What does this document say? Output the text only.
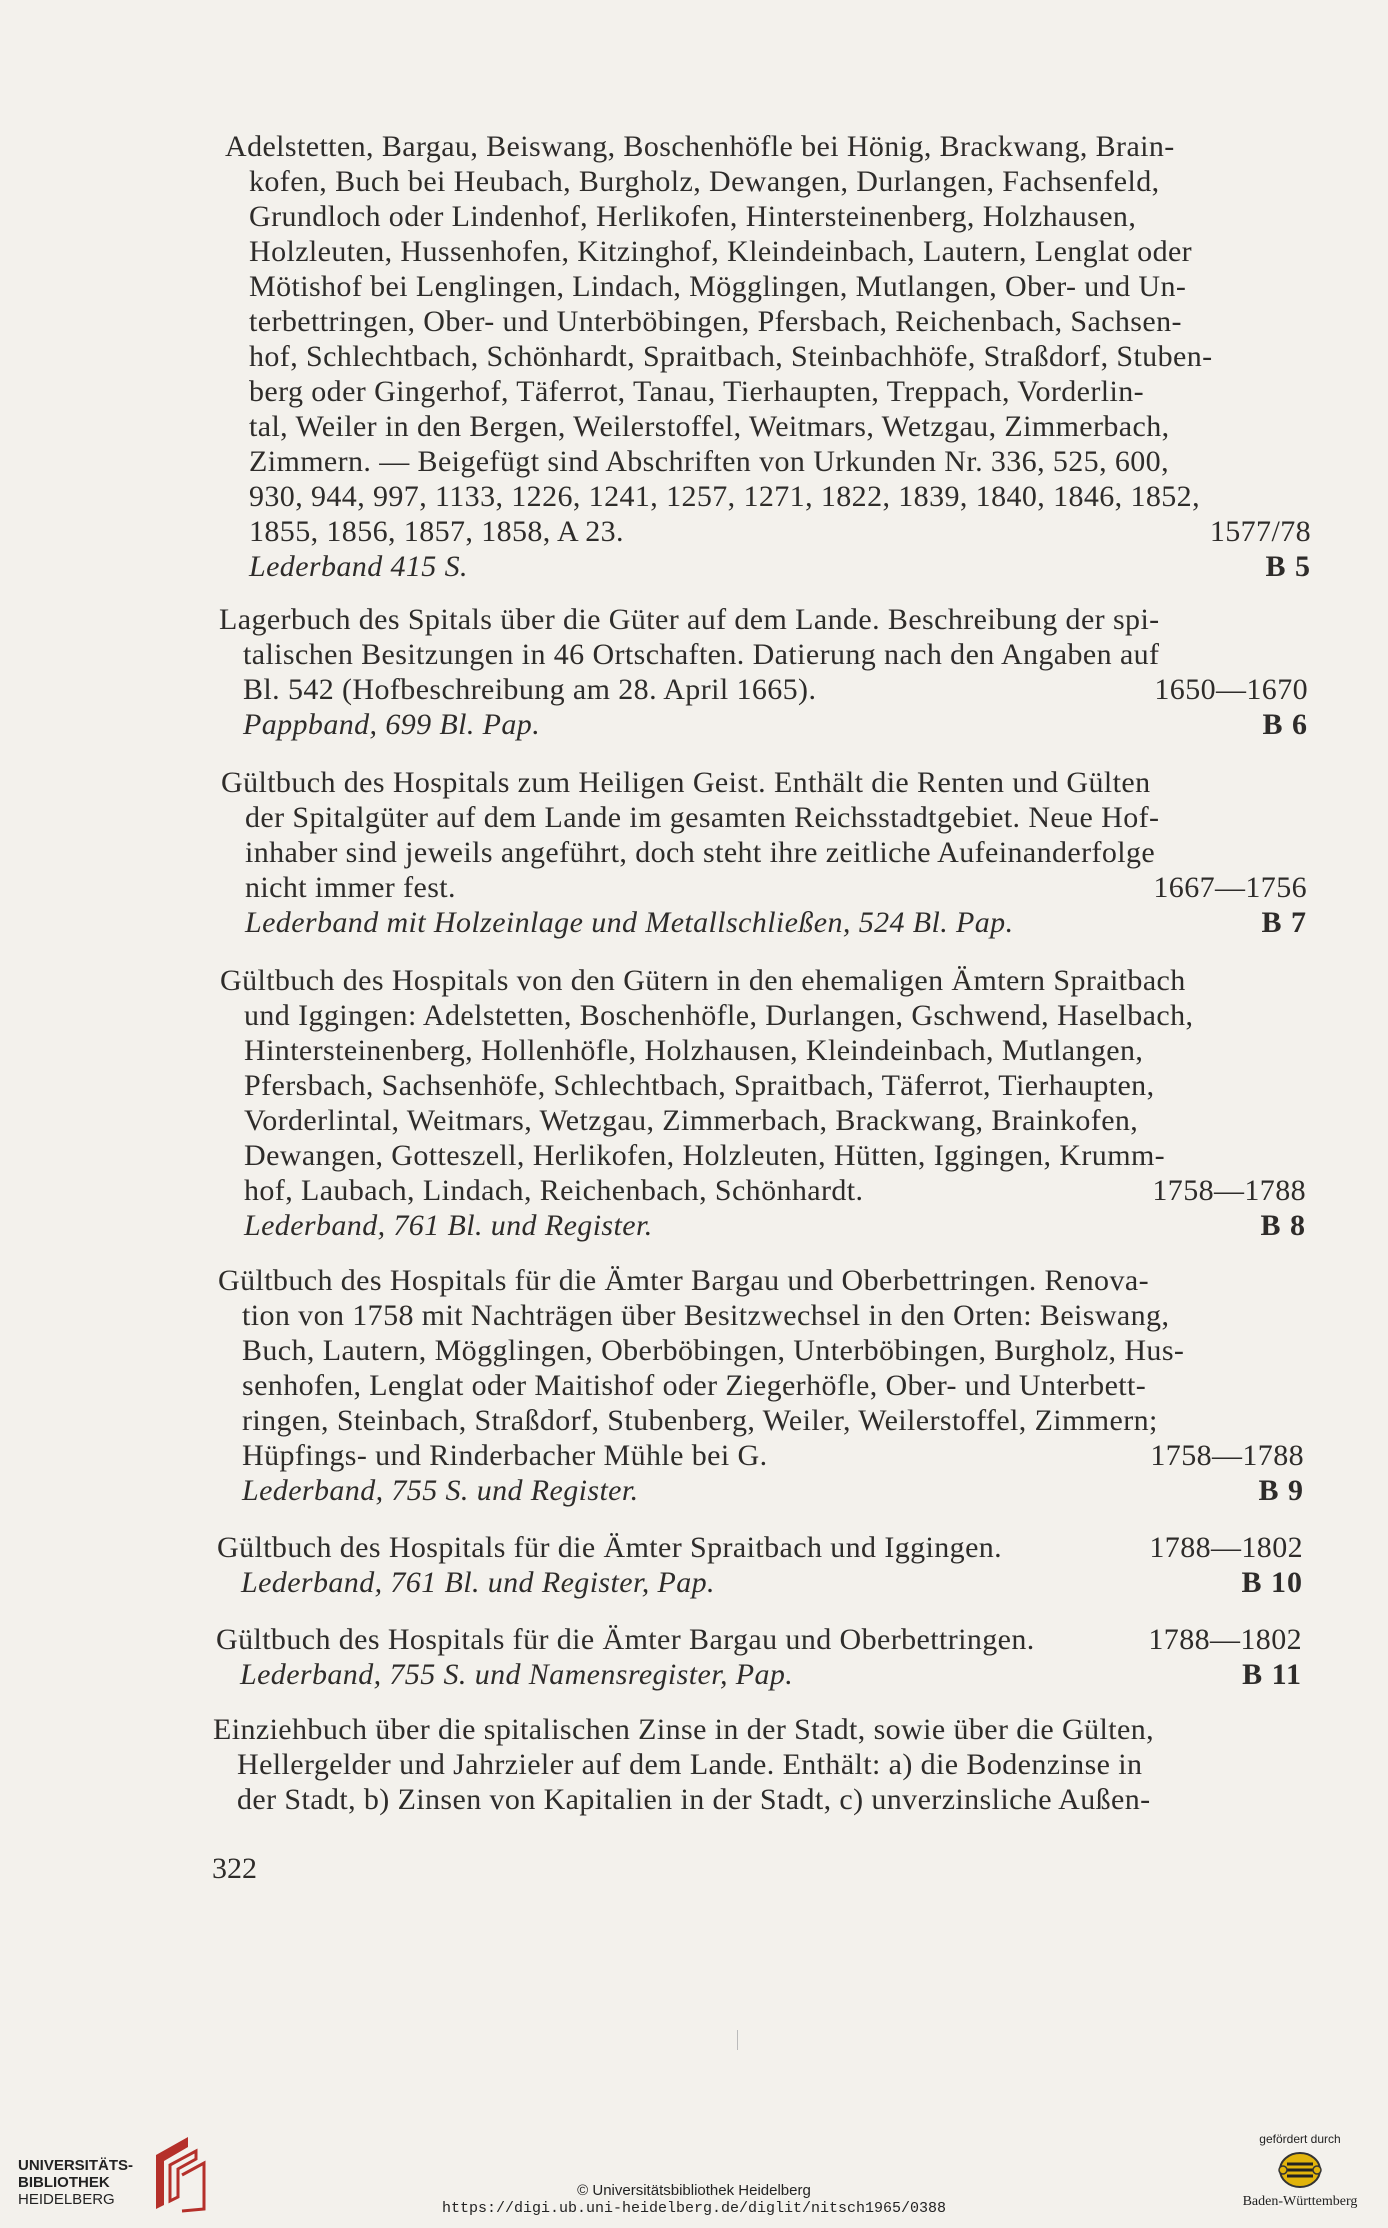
Adelstetten, Bargau, Beiswang, Boschenhöfle bei Hönig, Brackwang, Brain-
kofen, Buch bei Heubach, Burgholz, Dewangen, Durlangen, Fachsenfeld,
Grundloch oder Lindenhof, Herlikofen, Hintersteinenberg, Holzhausen,
Holzleuten, Hussenhofen, Kitzinghof, Kleindeinbach, Lautern, Lenglat oder
Mötishof bei Lenglingen, Lindach, Mögglingen, Mutlangen, Ober- und Un-
terbettringen, Ober- und Unterböbingen, Pfersbach, Reichenbach, Sachsen-
hof, Schlechtbach, Schönhardt, Spraitbach, Steinbachhöfe, Straßdorf, Stuben-
berg oder Gingerhof, Täferrot, Tanau, Tierhaupten, Treppach, Vorderlin-
tal, Weiler in den Bergen, Weilerstoffel, Weitmars, Wetzgau, Zimmerbach,
Zimmern. — Beigefügt sind Abschriften von Urkunden Nr. 336, 525, 600,
930, 944, 997, 1133, 1226, 1241, 1257, 1271, 1822, 1839, 1840, 1846, 1852,
1855, 1856, 1857, 1858, A 23.	1577/78
Lederband 415 S.	B 5
Lagerbuch des Spitals über die Güter auf dem Lande. Beschreibung der spi-
talischen Besitzungen in 46 Ortschaften. Datierung nach den Angaben auf
Bl. 542 (Hofbeschreibung am 28. April 1665).	1650—1670
Pappband, 699 Bl. Pap.	B 6
Gültbuch des Hospitals zum Heiligen Geist. Enthält die Renten und Gülten
der Spitalgüter auf dem Lande im gesamten Reichsstadtgebiet. Neue Hof-
inhaber sind jeweils angeführt, doch steht ihre zeitliche Aufeinanderfolge
nicht immer fest.	1667—1756
Lederband mit Holzeinlage und Metallschließen, 524 Bl. Pap.	B 7
Gültbuch des Hospitals von den Gütern in den ehemaligen Ämtern Spraitbach
und Iggingen: Adelstetten, Boschenhöfle, Durlangen, Gschwend, Haselbach,
Hintersteinenberg, Hollenhöfle, Holzhausen, Kleindeinbach, Mutlangen,
Pfersbach, Sachsenhöfe, Schlechtbach, Spraitbach, Täferrot, Tierhaupten,
Vorderlintal, Weitmars, Wetzgau, Zimmerbach, Brackwang, Brainkofen,
Dewangen, Gotteszell, Herlikofen, Holzleuten, Hütten, Iggingen, Krumm-
hof, Laubach, Lindach, Reichenbach, Schönhardt.	1758—1788
Lederband, 761 Bl. und Register.	B 8
Gültbuch des Hospitals für die Ämter Bargau und Oberbettringen. Renova-
tion von 1758 mit Nachträgen über Besitzwechsel in den Orten: Beiswang,
Buch, Lautern, Mögglingen, Oberböbingen, Unterböbingen, Burgholz, Hus-
senhofen, Lenglat oder Maitishof oder Ziegerhöfle, Ober- und Unterbett-
ringen, Steinbach, Straßdorf, Stubenberg, Weiler, Weilerstoffel, Zimmern;
Hüpfings- und Rinderbacher Mühle bei G.	1758—1788
Lederband, 755 S. und Register.	B 9
Gültbuch des Hospitals für die Ämter Spraitbach und Iggingen.	1788—1802
Lederband, 761 Bl. und Register, Pap.	B 10
Gültbuch des Hospitals für die Ämter Bargau und Oberbettringen.	1788—1802
Lederband, 755 S. und Namensregister, Pap.	B 11
Einziehbuch über die spitalischen Zinse in der Stadt, sowie über die Gülten,
Hellergelder und Jahrzieler auf dem Lande. Enthält: a) die Bodenzinse in
der Stadt, b) Zinsen von Kapitalien in der Stadt, c) unverzinsliche Außen-
322
UNIVERSITÄTS-
BIBLIOTHEK
HEIDELBERG
© Universitätsbibliothek Heidelberg
https://digi.ub.uni-heidelberg.de/diglit/nitsch1965/0388
gefördert durch
Baden-Württemberg
